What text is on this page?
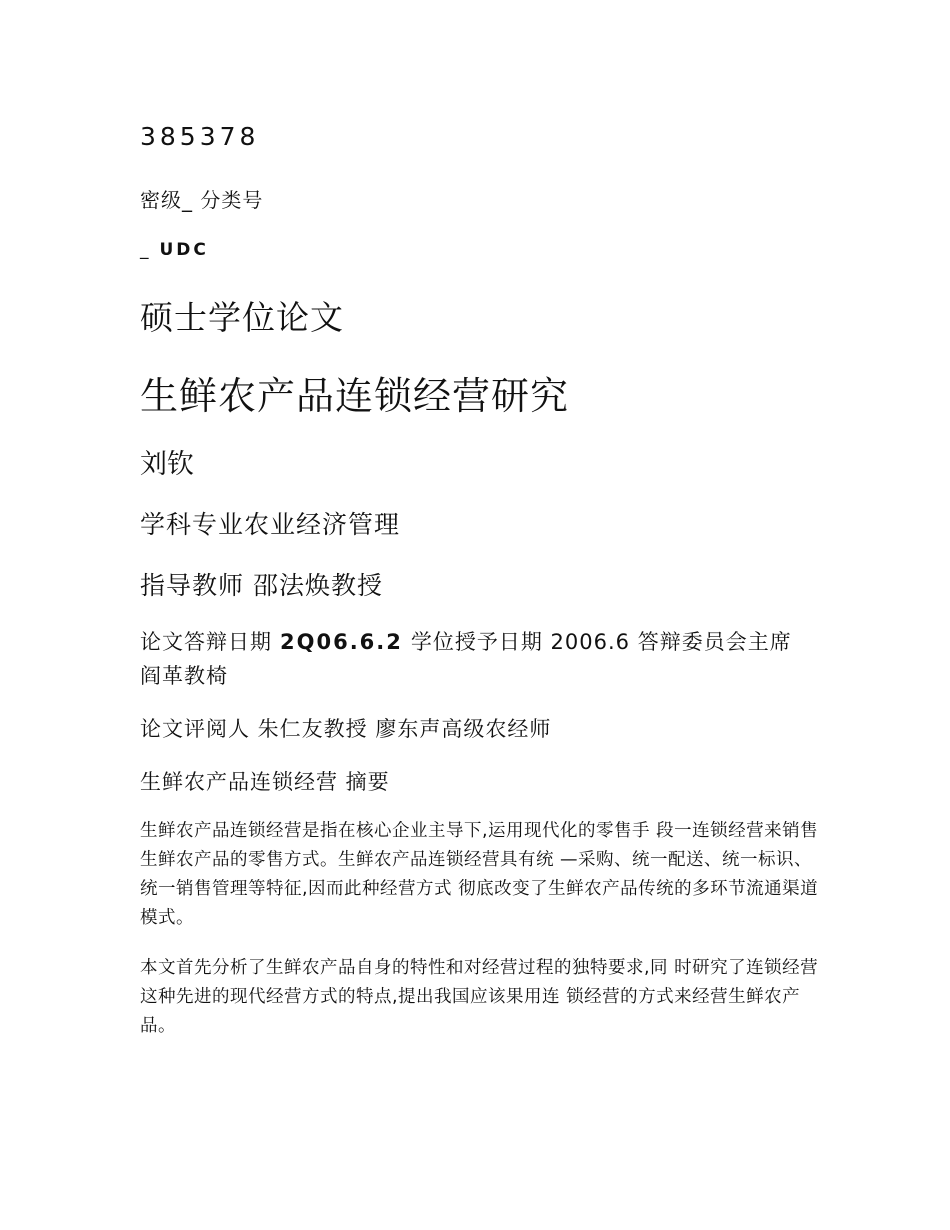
385378
密级_ 分类号
_ UDC
硕士学位论文
生鲜农产品连锁经营研究
刘钦
学科专业农业经济管理
指导教师 邵法焕教授
论文答辩日期 2Q06.6.2 学位授予日期 2006.6 答辩委员会主席 阎革教椅
论文评阅人 朱仁友教授 廖东声高级农经师
生鲜农产品连锁经营 摘要

生鲜农产品连锁经营是指在核心企业主导下,运用现代化的零售手 段一连锁经营来销售生鲜农产品的零售方式。生鲜农产品连锁经营具有统 —采购、统一配送、统一标识、统一销售管理等特征,因而此种经营方式 彻底改变了生鲜农产品传统的多环节流通渠道模式。

本文首先分析了生鲜农产品自身的特性和对经营过程的独特要求,同 时研究了连锁经营这种先进的现代经营方式的特点,提出我国应该果用连 锁经营的方式来经营生鲜农产品。
